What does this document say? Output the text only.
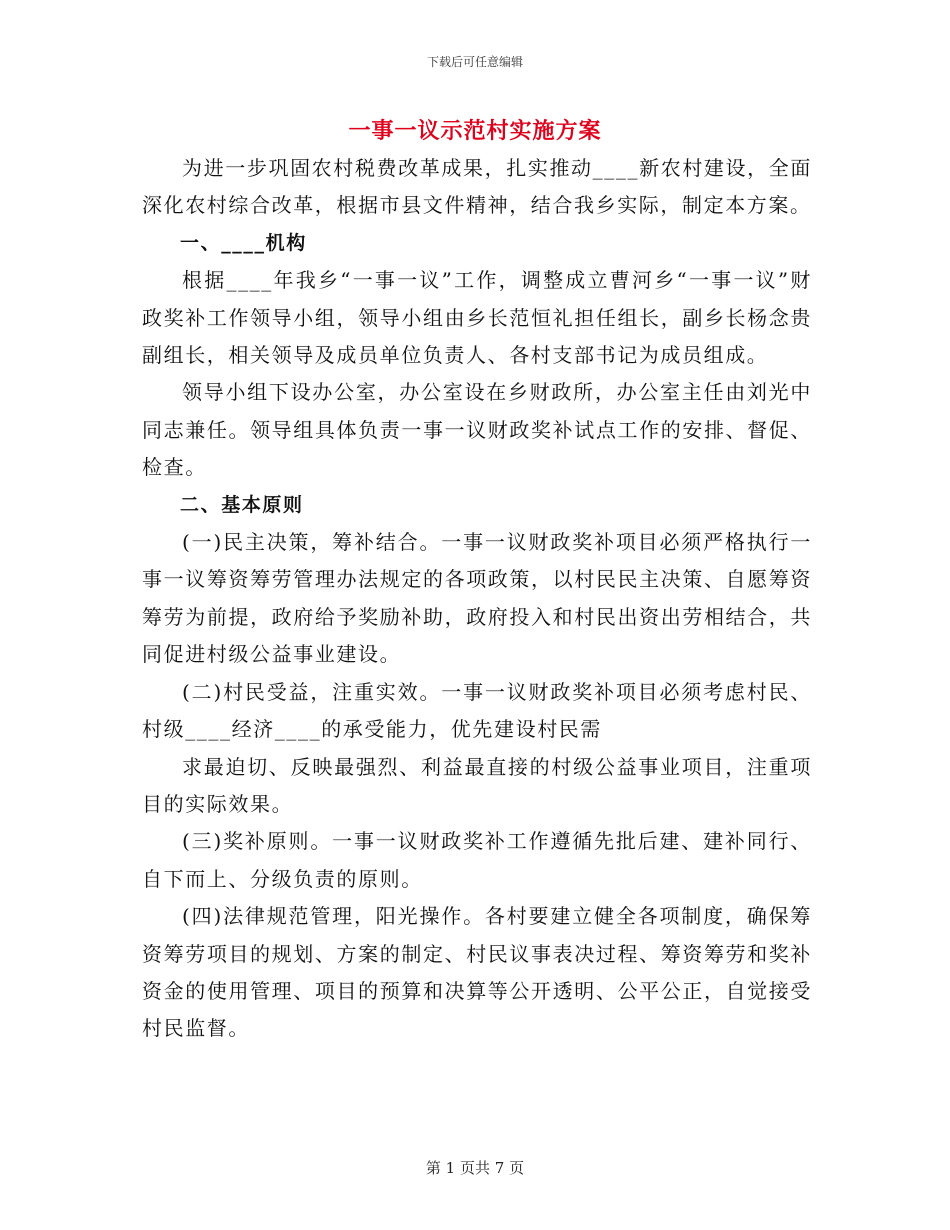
下载后可任意编辑
一事一议示范村实施方案

为进一步巩固农村税费改革成果，扎实推动____新农村建设，全面深化农村综合改革，根据市县文件精神，结合我乡实际，制定本方案。

一、____机构

根据____年我乡“一事一议”工作，调整成立曹河乡“一事一议”财政奖补工作领导小组，领导小组由乡长范恒礼担任组长，副乡长杨念贵副组长，相关领导及成员单位负责人、各村支部书记为成员组成。

领导小组下设办公室，办公室设在乡财政所，办公室主任由刘光中同志兼任。领导组具体负责一事一议财政奖补试点工作的安排、督促、检查。

二、基本原则

(一)民主决策，筹补结合。一事一议财政奖补项目必须严格执行一事一议筹资筹劳管理办法规定的各项政策，以村民民主决策、自愿筹资筹劳为前提，政府给予奖励补助，政府投入和村民出资出劳相结合，共同促进村级公益事业建设。

(二)村民受益，注重实效。一事一议财政奖补项目必须考虑村民、村级____经济____的承受能力，优先建设村民需

求最迫切、反映最强烈、利益最直接的村级公益事业项目，注重项目的实际效果。

(三)奖补原则。一事一议财政奖补工作遵循先批后建、建补同行、自下而上、分级负责的原则。

(四)法律规范管理，阳光操作。各村要建立健全各项制度，确保筹资筹劳项目的规划、方案的制定、村民议事表决过程、筹资筹劳和奖补资金的使用管理、项目的预算和决算等公开透明、公平公正，自觉接受村民监督。

第 1 页共 7 页
